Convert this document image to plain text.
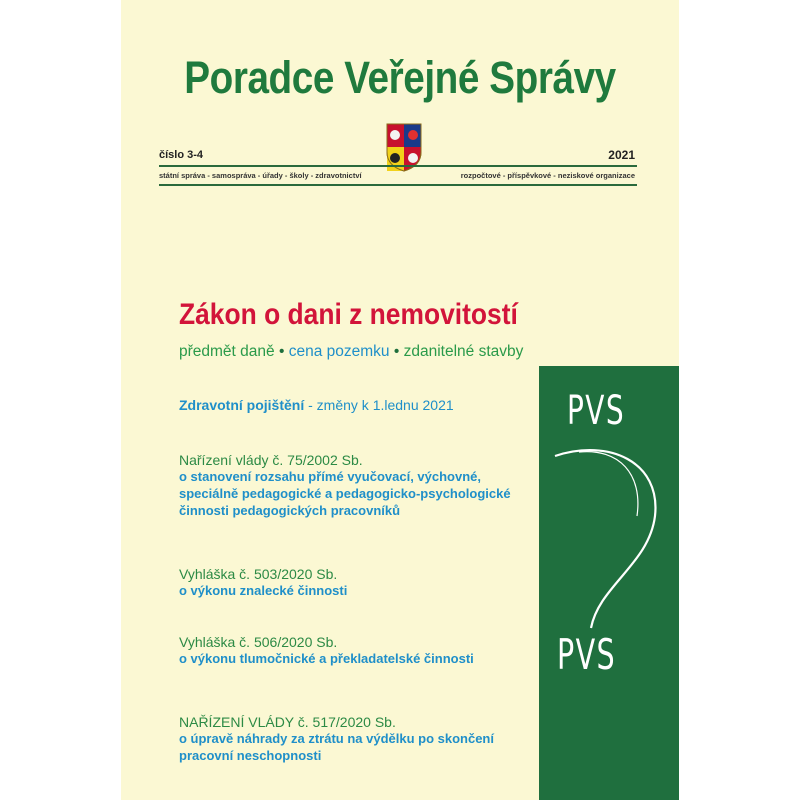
Poradce Veřejné Správy
číslo 3-4	2021
státní správa - samospráva - úřady - školy - zdravotnictví	rozpočtové - příspěvkové - neziskové organizace
Zákon o dani z nemovitostí
předmět daně • cena pozemku • zdanitelné stavby
Zdravotní pojištění - změny k 1.lednu 2021
Nařízení vlády č. 75/2002 Sb.
o stanovení rozsahu přímé vyučovací, výchovné,
speciálně pedagogické a pedagogicko-psychologické
činnosti pedagogických pracovníků
Vyhláška č. 503/2020 Sb.
o výkonu znalecké činnosti
Vyhláška č. 506/2020 Sb.
o výkonu tlumočnické a překladatelské činnosti
NAŘÍZENÍ VLÁDY č. 517/2020 Sb.
o úpravě náhrady za ztrátu na výdělku po skončení
pracovní neschopnosti
PVS
PVS
